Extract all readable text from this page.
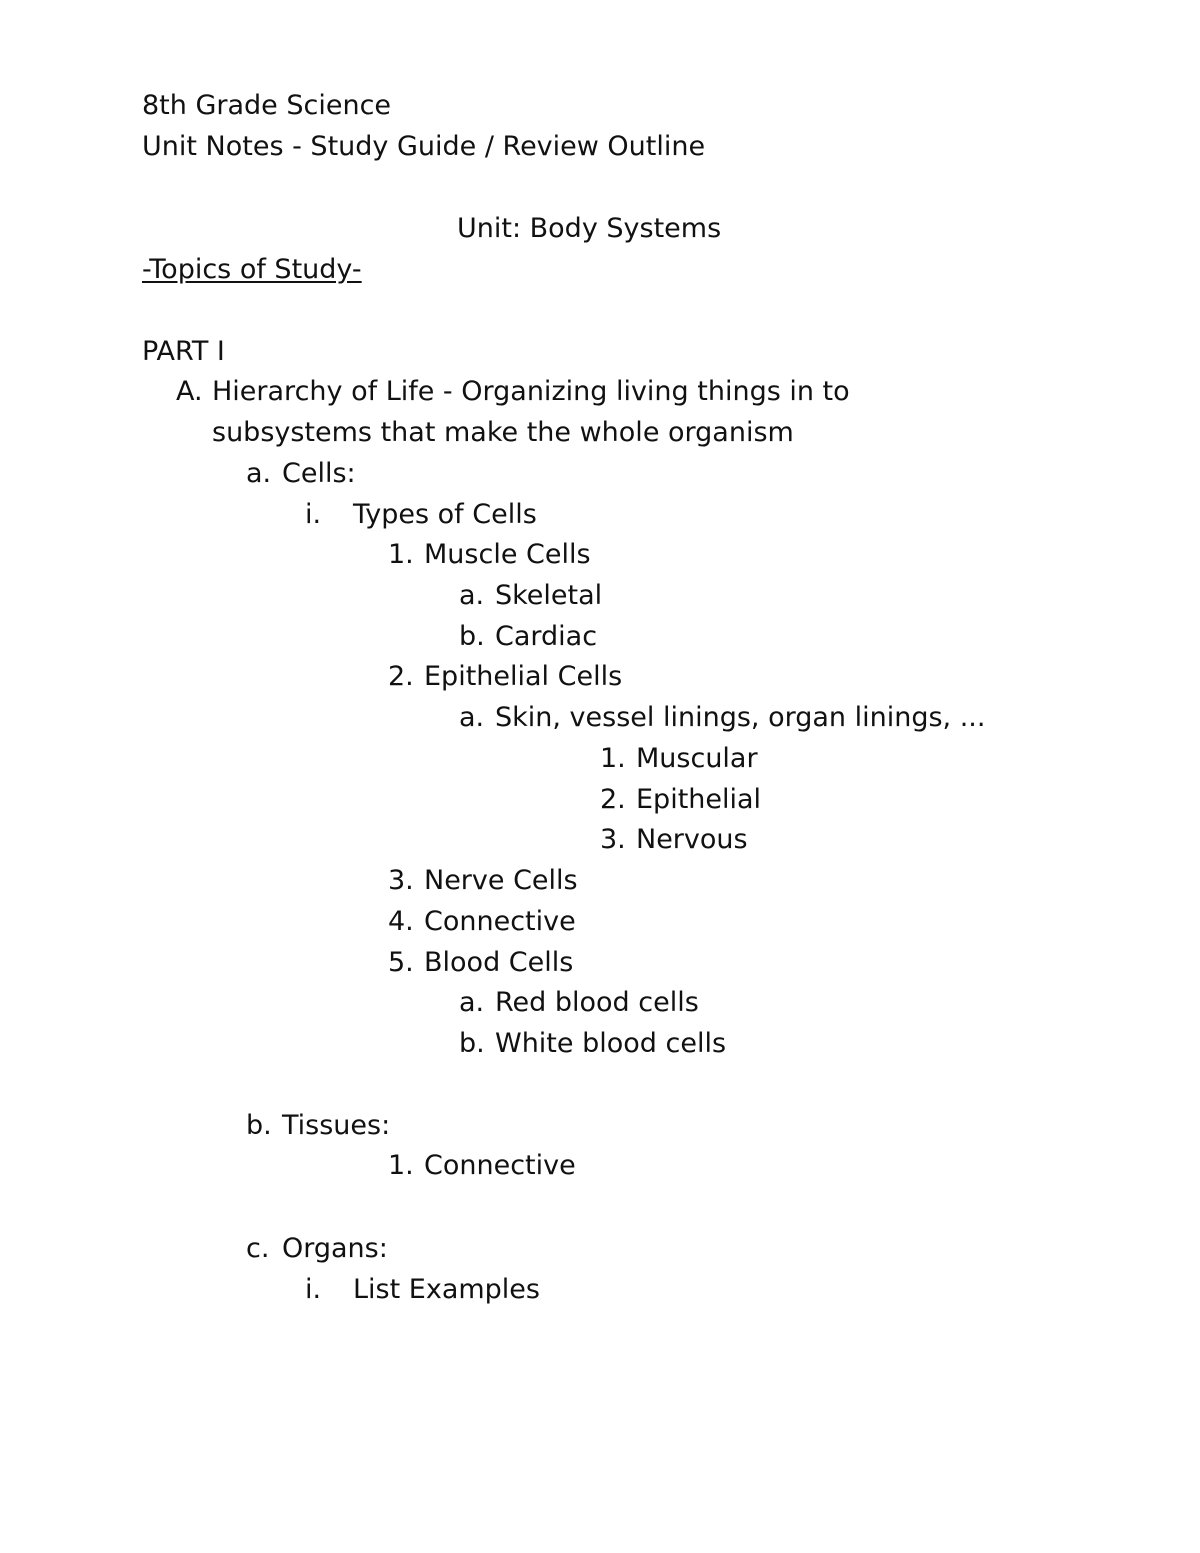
8th Grade Science
Unit Notes - Study Guide / Review Outline
Unit: Body Systems
-Topics of Study-
PART I
A. Hierarchy of Life - Organizing living things in to
subsystems that make the whole organism
a. Cells:
i. Types of Cells
1. Muscle Cells
a. Skeletal
b. Cardiac
2. Epithelial Cells
a. Skin, vessel linings, organ linings, ...
1. Muscular
2. Epithelial
3. Nervous
3. Nerve Cells
4. Connective
5. Blood Cells
a. Red blood cells
b. White blood cells
b. Tissues:
1. Connective
c. Organs:
i. List Examples
